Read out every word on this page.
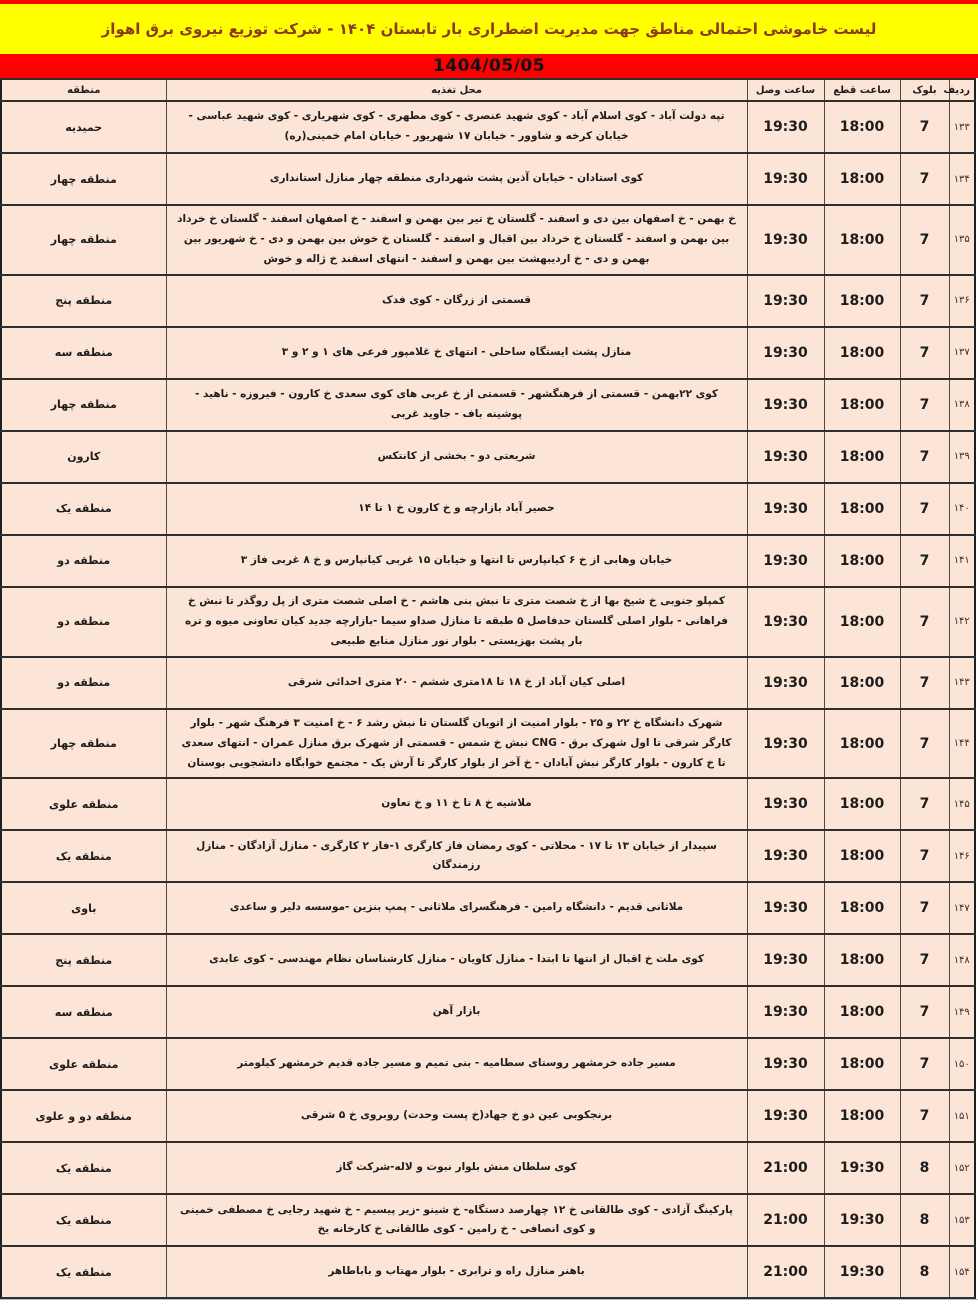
لیست خاموشی احتمالی مناطق جهت مدیریت اضطراری بار تابستان ۱۴۰۴ - شرکت توزیع نیروی برق اهواز
1404/05/05
ردیف	بلوک	ساعت قطع	ساعت وصل	محل تغذیه	منطقه
۱۳۳	7	18:00	19:30	تپه دولت آباد - کوی اسلام آباد - کوی شهید عنصری - کوی مطهری - کوی شهریاری - کوی شهید عباسی - خیابان کرخه و شاوور - خیابان ۱۷ شهریور - خیابان امام خمینی(ره)	حمیدیه
۱۳۴	7	18:00	19:30	کوی استادان - خیابان آذین پشت شهرداری منطقه چهار منازل استانداری	منطقه چهار
۱۳۵	7	18:00	19:30	خ بهمن - خ اصفهان بین دی و اسفند - گلستان خ تیر بین بهمن و اسفند - خ اصفهان اسفند - گلستان خ خرداد بین بهمن و اسفند - گلستان خ خرداد بین اقبال و اسفند - گلستان خ خوش بین بهمن و دی - خ شهریور بین بهمن و دی - خ اردیبهشت بین بهمن و اسفند - انتهای اسفند خ ژاله و خوش	منطقه چهار
۱۳۶	7	18:00	19:30	قسمتی از زرگان - کوی فدک	منطقه پنج
۱۳۷	7	18:00	19:30	منازل پشت ایستگاه ساحلی - انتهای خ غلامپور فرعی های ۱ و ۲ و ۳	منطقه سه
۱۳۸	7	18:00	19:30	کوی ۲۲بهمن - قسمتی از فرهنگشهر - قسمتی از خ غربی های کوی سعدی خ کارون - فیروزه - ناهید - پوشینه باف - جاوید غربی	منطقه چهار
۱۳۹	7	18:00	19:30	شریعتی دو - بخشی از کانتکس	کارون
۱۴۰	7	18:00	19:30	حصیر آباد بازارچه و خ کارون خ ۱ تا ۱۴	منطقه یک
۱۴۱	7	18:00	19:30	خیابان وهابی از خ ۶ کیانپارس تا انتها و خیابان ۱۵ غربی کیانپارس و خ ۸ غربی فاز ۳	منطقه دو
۱۴۲	7	18:00	19:30	کمپلو جنوبی خ شیخ بها از خ شصت متری تا نبش بنی هاشم - خ اصلی شصت متری از پل روگذر تا نبش خ فراهانی - بلوار اصلی گلستان حدفاصل ۵ طبقه تا منازل صداو سیما -بازارچه جدید کیان تعاونی میوه و تره بار پشت بهزیستی - بلوار نور منازل منابع طبیعی	منطقه دو
۱۴۳	7	18:00	19:30	اصلی کیان آباد از خ ۱۸ تا ۱۸متری ششم - ۲۰ متری احدائی شرقی	منطقه دو
۱۴۴	7	18:00	19:30	شهرک دانشگاه خ ۲۲ و ۲۵ - بلوار امنیت از اتوبان گلستان تا نبش رشد ۶ - خ امنیت ۳ فرهنگ شهر - بلوار کارگر شرقی تا اول شهرک برق - CNG نبش خ شمس - قسمتی از شهرک برق منازل عمران - انتهای سعدی تا خ کارون - بلوار کارگر نبش آبادان - خ آخر از بلوار کارگر تا آرش یک - مجتمع خوابگاه دانشجویی بوستان	منطقه چهار
۱۴۵	7	18:00	19:30	ملاشیه خ ۸ تا خ ۱۱ و خ تعاون	منطقه علوی
۱۴۶	7	18:00	19:30	سپیدار از خیابان ۱۳ تا ۱۷ - محلاتی - کوی رمضان فاز کارگری ۱-فاز ۲ کارگری - منازل آزادگان - منازل رزمندگان	منطقه یک
۱۴۷	7	18:00	19:30	ملاثانی قدیم - دانشگاه رامین - فرهنگسرای ملاثانی - پمپ بنزین -موسسه دلیر و ساعدی	باوی
۱۴۸	7	18:00	19:30	کوی ملت خ اقبال از انتها تا ابتدا - منازل کاویان - منازل کارشناسان نظام مهندسی - کوی عابدی	منطقه پنج
۱۴۹	7	18:00	19:30	بازار آهن	منطقه سه
۱۵۰	7	18:00	19:30	مسیر جاده خرمشهر روستای سطامیه - بنی تمیم و مسیر جاده قدیم خرمشهر کیلومتر	منطقه علوی
۱۵۱	7	18:00	19:30	برنجکوبی عین دو خ جهاد(خ پست وحدت) روبروی خ ۵ شرقی	منطقه دو و علوی
۱۵۲	8	19:30	21:00	کوی سلطان منش بلوار نبوت و لاله-شرکت گاز	منطقه یک
۱۵۳	8	19:30	21:00	پارکینگ آزادی - کوی طالقانی خ ۱۲ چهارصد دستگاه- خ شینو -زیر پیسیم - خ شهید رجایی خ مصطفی خمینی و کوی انصافی - خ رامین - کوی طالقانی خ کارخانه یخ	منطقه یک
۱۵۴	8	19:30	21:00	باهنر منازل راه و ترابری - بلوار مهتاب و باباطاهر	منطقه یک
